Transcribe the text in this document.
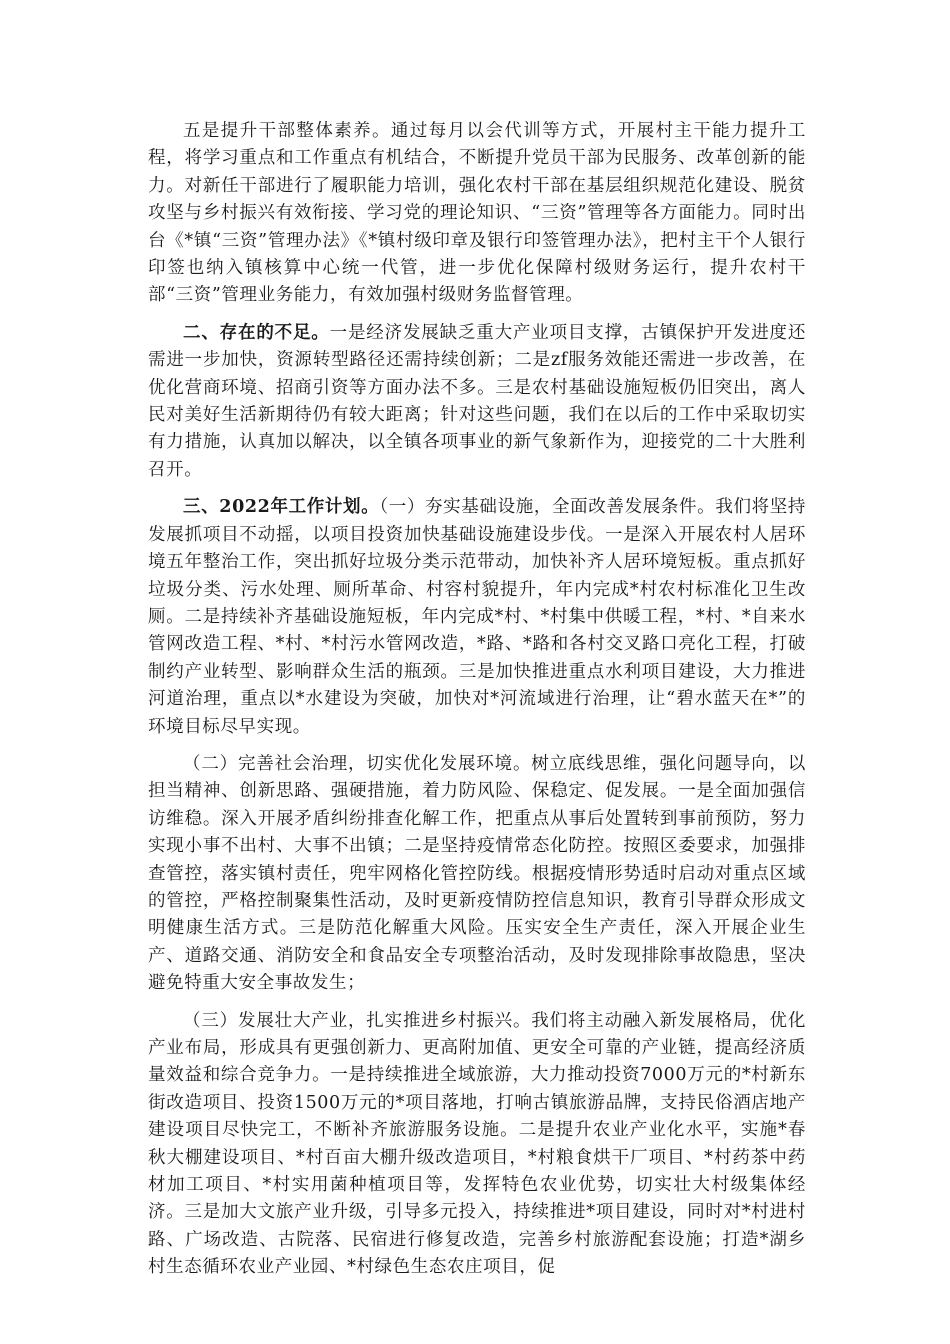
五是提升干部整体素养。通过每月以会代训等方式，开展村主干能力提升工程，将学习重点和工作重点有机结合，不断提升党员干部为民服务、改革创新的能力。对新任干部进行了履职能力培训，强化农村干部在基层组织规范化建设、脱贫攻坚与乡村振兴有效衔接、学习党的理论知识、“三资”管理等各方面能力。同时出台《*镇“三资”管理办法》《*镇村级印章及银行印签管理办法》，把村主干个人银行印签也纳入镇核算中心统一代管，进一步优化保障村级财务运行，提升农村干部“三资”管理业务能力，有效加强村级财务监督管理。

二、存在的不足。一是经济发展缺乏重大产业项目支撑，古镇保护开发进度还需进一步加快，资源转型路径还需持续创新；二是zf服务效能还需进一步改善，在优化营商环境、招商引资等方面办法不多。三是农村基础设施短板仍旧突出，离人民对美好生活新期待仍有较大距离；针对这些问题，我们在以后的工作中采取切实有力措施，认真加以解决，以全镇各项事业的新气象新作为，迎接党的二十大胜利召开。

三、2022年工作计划。（一）夯实基础设施，全面改善发展条件。我们将坚持发展抓项目不动摇，以项目投资加快基础设施建设步伐。一是深入开展农村人居环境五年整治工作，突出抓好垃圾分类示范带动，加快补齐人居环境短板。重点抓好垃圾分类、污水处理、厕所革命、村容村貌提升，年内完成*村农村标准化卫生改厕。二是持续补齐基础设施短板，年内完成*村、*村集中供暖工程，*村、*自来水管网改造工程、*村、*村污水管网改造，*路、*路和各村交叉路口亮化工程，打破制约产业转型、影响群众生活的瓶颈。三是加快推进重点水利项目建设，大力推进河道治理，重点以*水建设为突破，加快对*河流域进行治理，让“碧水蓝天在*”的环境目标尽早实现。

（二）完善社会治理，切实优化发展环境。树立底线思维，强化问题导向，以担当精神、创新思路、强硬措施，着力防风险、保稳定、促发展。一是全面加强信访维稳。深入开展矛盾纠纷排查化解工作，把重点从事后处置转到事前预防，努力实现小事不出村、大事不出镇；二是坚持疫情常态化防控。按照区委要求，加强排查管控，落实镇村责任，兜牢网格化管控防线。根据疫情形势适时启动对重点区域的管控，严格控制聚集性活动，及时更新疫情防控信息知识，教育引导群众形成文明健康生活方式。三是防范化解重大风险。压实安全生产责任，深入开展企业生产、道路交通、消防安全和食品安全专项整治活动，及时发现排除事故隐患，坚决避免特重大安全事故发生；

（三）发展壮大产业，扎实推进乡村振兴。我们将主动融入新发展格局，优化产业布局，形成具有更强创新力、更高附加值、更安全可靠的产业链，提高经济质量效益和综合竞争力。一是持续推进全域旅游，大力推动投资7000万元的*村新东街改造项目、投资1500万元的*项目落地，打响古镇旅游品牌，支持民俗酒店地产建设项目尽快完工，不断补齐旅游服务设施。二是提升农业产业化水平，实施*春秋大棚建设项目、*村百亩大棚升级改造项目，*村粮食烘干厂项目、*村药茶中药材加工项目、*村实用菌种植项目等，发挥特色农业优势，切实壮大村级集体经济。三是加大文旅产业升级，引导多元投入，持续推进*项目建设，同时对*村进村路、广场改造、古院落、民宿进行修复改造，完善乡村旅游配套设施；打造*湖乡村生态循环农业产业园、*村绿色生态农庄项目，促
